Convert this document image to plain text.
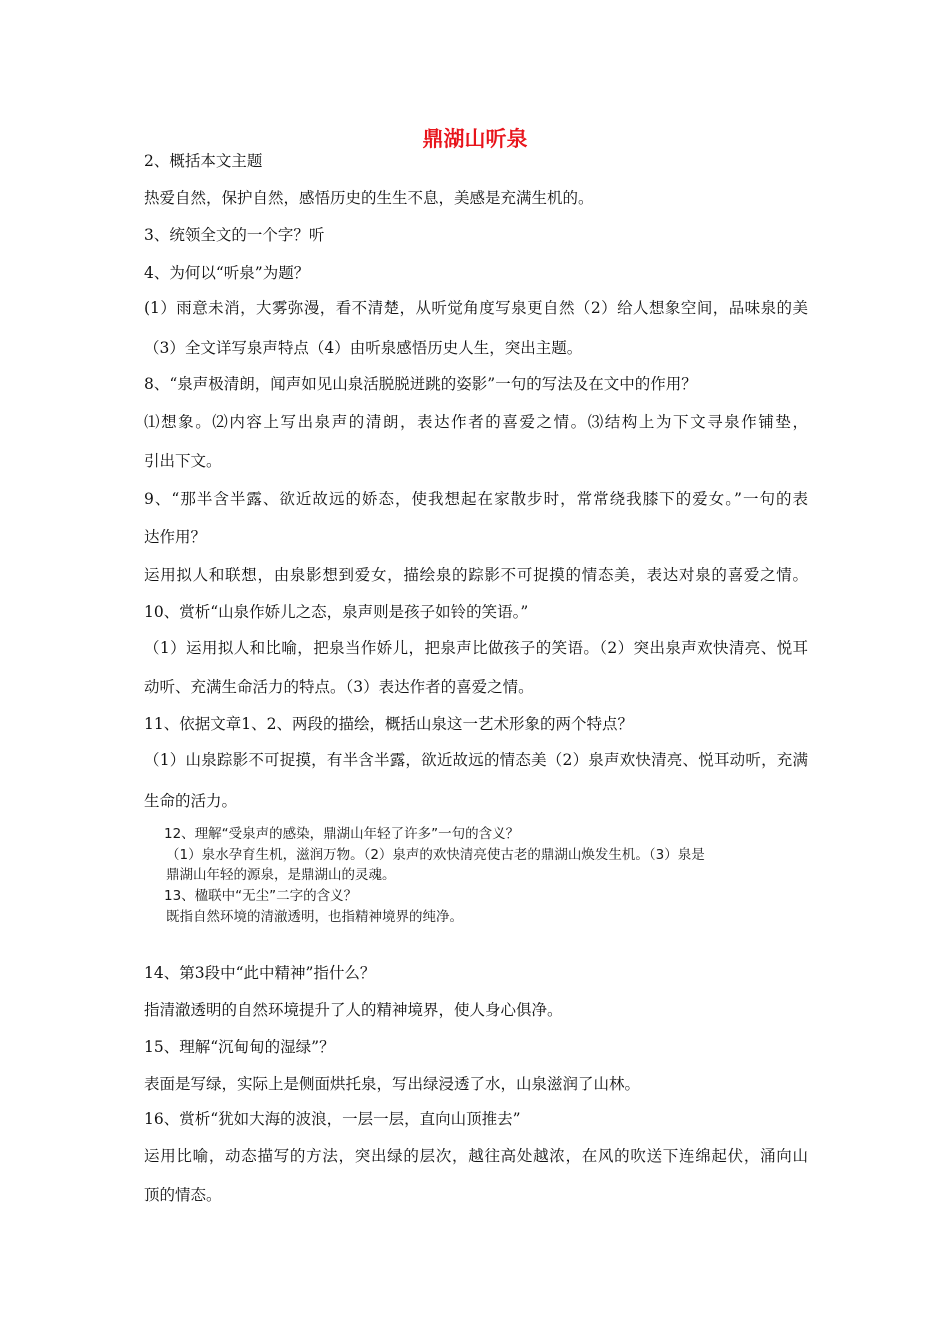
鼎湖山听泉
2、概括本文主题
热爱自然，保护自然，感悟历史的生生不息，美感是充满生机的。
3、统领全文的一个字？听
4、为何以“听泉”为题？
(1）雨意未消，大雾弥漫，看不清楚，从听觉角度写泉更自然（2）给人想象空间，品味泉的美
（3）全文详写泉声特点（4）由听泉感悟历史人生，突出主题。
8、“泉声极清朗，闻声如见山泉活脱脱迸跳的姿影”一句的写法及在文中的作用？
⑴想象。⑵内容上写出泉声的清朗，表达作者的喜爱之情。⑶结构上为下文寻泉作铺垫，
引出下文。
9、“那半含半露、欲近故远的娇态，使我想起在家散步时，常常绕我膝下的爱女。”一句的表
达作用？
运用拟人和联想，由泉影想到爱女，描绘泉的踪影不可捉摸的情态美，表达对泉的喜爱之情。
10、赏析“山泉作娇儿之态，泉声则是孩子如铃的笑语。”
（1）运用拟人和比喻，把泉当作娇儿，把泉声比做孩子的笑语。（2）突出泉声欢快清亮、悦耳
动听、充满生命活力的特点。（3）表达作者的喜爱之情。
11、依据文章1、2、两段的描绘，概括山泉这一艺术形象的两个特点？
（1）山泉踪影不可捉摸，有半含半露，欲近故远的情态美（2）泉声欢快清亮、悦耳动听，充满
生命的活力。
12、理解“受泉声的感染，鼎湖山年轻了许多”一句的含义？
（1）泉水孕育生机，滋润万物。（2）泉声的欢快清亮使古老的鼎湖山焕发生机。（3）泉是
鼎湖山年轻的源泉，是鼎湖山的灵魂。
13、楹联中“无尘”二字的含义？
既指自然环境的清澈透明，也指精神境界的纯净。
14、第3段中“此中精神”指什么？
指清澈透明的自然环境提升了人的精神境界，使人身心俱净。
15、理解“沉甸甸的湿绿”？
表面是写绿，实际上是侧面烘托泉，写出绿浸透了水，山泉滋润了山林。
16、赏析“犹如大海的波浪，一层一层，直向山顶推去”
运用比喻，动态描写的方法，突出绿的层次，越往高处越浓，在风的吹送下连绵起伏，涌向山
顶的情态。
